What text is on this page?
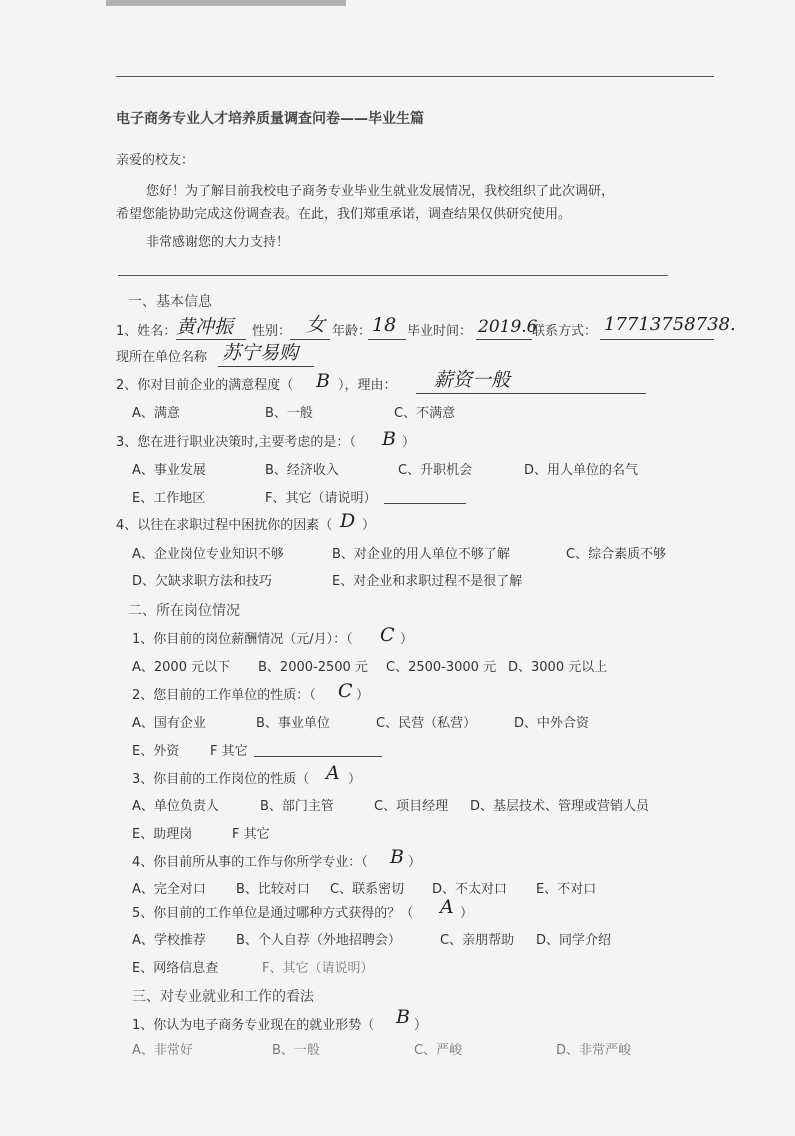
电子商务专业人才培养质量调查问卷——毕业生篇
亲爱的校友：
您好！为了解目前我校电子商务专业毕业生就业发展情况，我校组织了此次调研，
希望您能协助完成这份调查表。在此，我们郑重承诺，调查结果仅供研究使用。
非常感谢您的大力支持！
一、基本信息
1、姓名： 黄冲振 性别： 女 年龄： 18 毕业时间： 2019.6
联系方式： 17713758738.
现所在单位名称 苏宁易购
2、你对目前企业的满意程度（ B ），理由： 薪资一般
A、满意	B、一般	C、不满意
3、您在进行职业决策时,主要考虑的是：（ B ）
A、事业发展	B、经济收入	C、升职机会	D、用人单位的名气
E、工作地区	F、其它（请说明）
4、以往在求职过程中困扰你的因素（ D ）
A、企业岗位专业知识不够	B、对企业的用人单位不够了解	C、综合素质不够
D、欠缺求职方法和技巧	E、对企业和求职过程不是很了解
二、所在岗位情况
1、你目前的岗位薪酬情况（元/月）：（ C ）
A、2000 元以下 B、2000-2500 元 C、2500-3000 元 D、3000 元以上
2、您目前的工作单位的性质：（ C ）
A、国有企业	B、事业单位	C、民营（私营）	D、中外合资
E、外资 F 其它
3、你目前的工作岗位的性质（ A ）
A、单位负责人	B、部门主管	C、项目经理 D、基层技术、管理或营销人员
E、助理岗	F 其它
4、你目前所从事的工作与你所学专业：（ B ）
A、完全对口 B、比较对口 C、联系密切 D、不太对口 E、不对口
5、你目前的工作单位是通过哪种方式获得的？（ A ）
A、学校推荐 B、个人自荐（外地招聘会）	C、亲朋帮助 D、同学介绍
E、网络信息查	F、其它（请说明）
三、对专业就业和工作的看法
1、你认为电子商务专业现在的就业形势（ B ）
A、非常好	B、一般	C、严峻	D、非常严峻
